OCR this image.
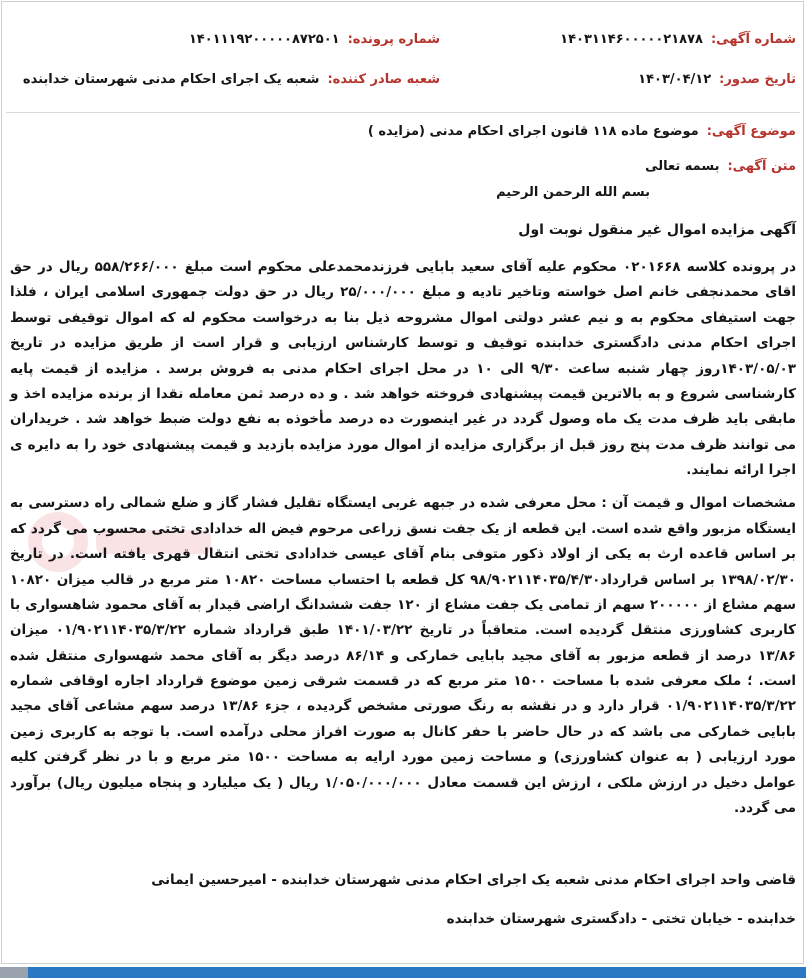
شماره آگهی:۱۴۰۳۱۱۴۶۰۰۰۰۰۲۱۸۷۸
شماره پرونده:۱۴۰۱۱۱۹۲۰۰۰۰۰۸۷۲۵۰۱
تاریخ صدور:۱۴۰۳/۰۴/۱۲
شعبه صادر کننده:شعبه یک اجرای احکام مدنی شهرستان خدابنده

موضوع آگهی:موضوع ماده ۱۱۸ قانون اجرای احکام مدنی (مزایده )

متن آگهی:بسمه تعالی

بسم الله الرحمن الرحیم

آگهی مزایده اموال غیر منقول نوبت اول

در پرونده کلاسه ۰۲۰۱۶۶۸ محکوم علیه آقای سعید بابایی فرزندمحمدعلی محکوم است مبلغ ۵۵۸/۲۶۶/۰۰۰ ریال در حق اقای محمدنجفی خانم اصل خواسته وتاخیر تادیه و مبلغ ۲۵/۰۰۰/۰۰۰ ریال در حق دولت جمهوری اسلامی ایران ، فلذا جهت استیفای محکوم به و نیم عشر دولتی اموال مشروحه ذیل بنا به درخواست محکوم له که اموال توقیفی توسط اجرای احکام مدنی دادگستری خدابنده توقیف و توسط کارشناس ارزیابی و قرار است از طریق مزایده در تاریخ ۱۴۰۳/۰۵/۰۳روز چهار شنبه ساعت ۹/۳۰ الی ۱۰ در محل اجرای احکام مدنی به فروش برسد . مزایده از قیمت پایه کارشناسی شروع و به بالاترین قیمت پیشنهادی فروخته خواهد شد . و ده درصد ثمن معامله نقدا از برنده مزایده اخذ و مابقی باید ظرف مدت یک ماه وصول گردد در غیر اینصورت ده درصد مأخوذه به نفع دولت ضبط خواهد شد . خریداران می توانند ظرف مدت پنج روز قبل از برگزاری مزایده از اموال مورد مزایده بازدید و قیمت پیشنهادی خود را به دایره ی اجرا ارائه نمایند.

مشخصات اموال و قیمت آن : محل معرفی شده در جبهه غربی ایستگاه تقلیل فشار گاز و ضلع شمالی راه دسترسی به ایستگاه مزبور واقع شده است. این قطعه از یک جفت نسق زراعی مرحوم فیض اله خدادادی تختی محسوب می گردد که بر اساس قاعده ارث به یکی از اولاد ذکور متوفی بنام آقای عیسی خدادادی تختی انتقال قهری یافته است. در تاریخ ۱۳۹۸/۰۲/۳۰ بر اساس قرارداد۹۸/۹۰۲۱۱۴۰۳۵/۴/۳۰ کل قطعه با احتساب مساحت ۱۰۸۲۰ متر مربع در قالب میزان ۱۰۸۲۰ سهم مشاع از ۲۰۰۰۰۰ سهم از تمامی یک جفت مشاع از ۱۲۰ جفت ششدانگ اراضی قیدار به آقای محمود شاهسواری با کاربری کشاورزی منتقل گردیده است. متعاقباً در تاریخ ۱۴۰۱/۰۳/۲۲ طبق قرارداد شماره ۰۱/۹۰۲۱۱۴۰۳۵/۳/۲۲ میزان ۱۳/۸۶ درصد از قطعه مزبور به آقای مجید بابایی خمارکی و ۸۶/۱۴ درصد دیگر به آقای محمد شهسواری منتقل شده است. ؛ ملک معرفی شده با مساحت ۱۵۰۰ متر مربع که در قسمت شرقی زمین موضوع قرارداد اجاره اوقافی شماره ۰۱/۹۰۲۱۱۴۰۳۵/۳/۲۲ قرار دارد و در نقشه به رنگ صورتی مشخص گردیده ، جزء ۱۳/۸۶ درصد سهم مشاعی آقای مجید بابایی خمارکی می باشد که در حال حاضر با حفر کانال به صورت افراز محلی درآمده است. با توجه به کاربری زمین مورد ارزیابی ( به عنوان کشاورزی) و مساحت زمین مورد ارایه به مساحت ۱۵۰۰ متر مربع و با در نظر گرفتن کلیه عوامل دخیل در ارزش ملکی ، ارزش این قسمت معادل ۱/۰۵۰/۰۰۰/۰۰۰ ریال ( یک میلیارد و پنجاه میلیون ریال) برآورد می گردد.

قاضی واحد اجرای احکام مدنی شعبه یک اجرای احکام مدنی شهرستان خدابنده - امیرحسین ایمانی

خدابنده - خیابان تختی - دادگستری شهرستان خدابنده
